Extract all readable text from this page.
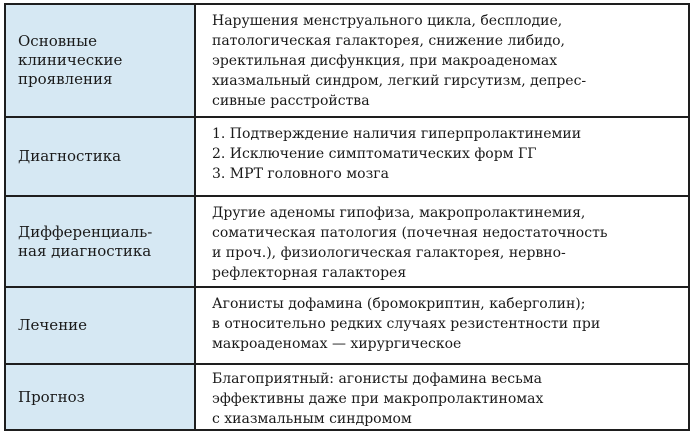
Основные
клинические
проявления
Нарушения менструального цикла, бесплодие,
патологическая галакторея, снижение либидо,
эректильная дисфункция, при макроаденомах
хиазмальный синдром, легкий гирсутизм, депрес-
сивные расстройства
Диагностика
1. Подтверждение наличия гиперпролактинемии
2. Исключение симптоматических форм ГГ
3. МРТ головного мозга
Дифференциаль-
ная диагностика
Другие аденомы гипофиза, макропролактинемия,
соматическая патология (почечная недостаточность
и проч.), физиологическая галакторея, нервно-
рефлекторная галакторея
Лечение
Агонисты дофамина (бромокриптин, каберголин);
в относительно редких случаях резистентности при
макроаденомах — хирургическое
Прогноз
Благоприятный: агонисты дофамина весьма
эффективны даже при макропролактиномах
с хиазмальным синдромом
